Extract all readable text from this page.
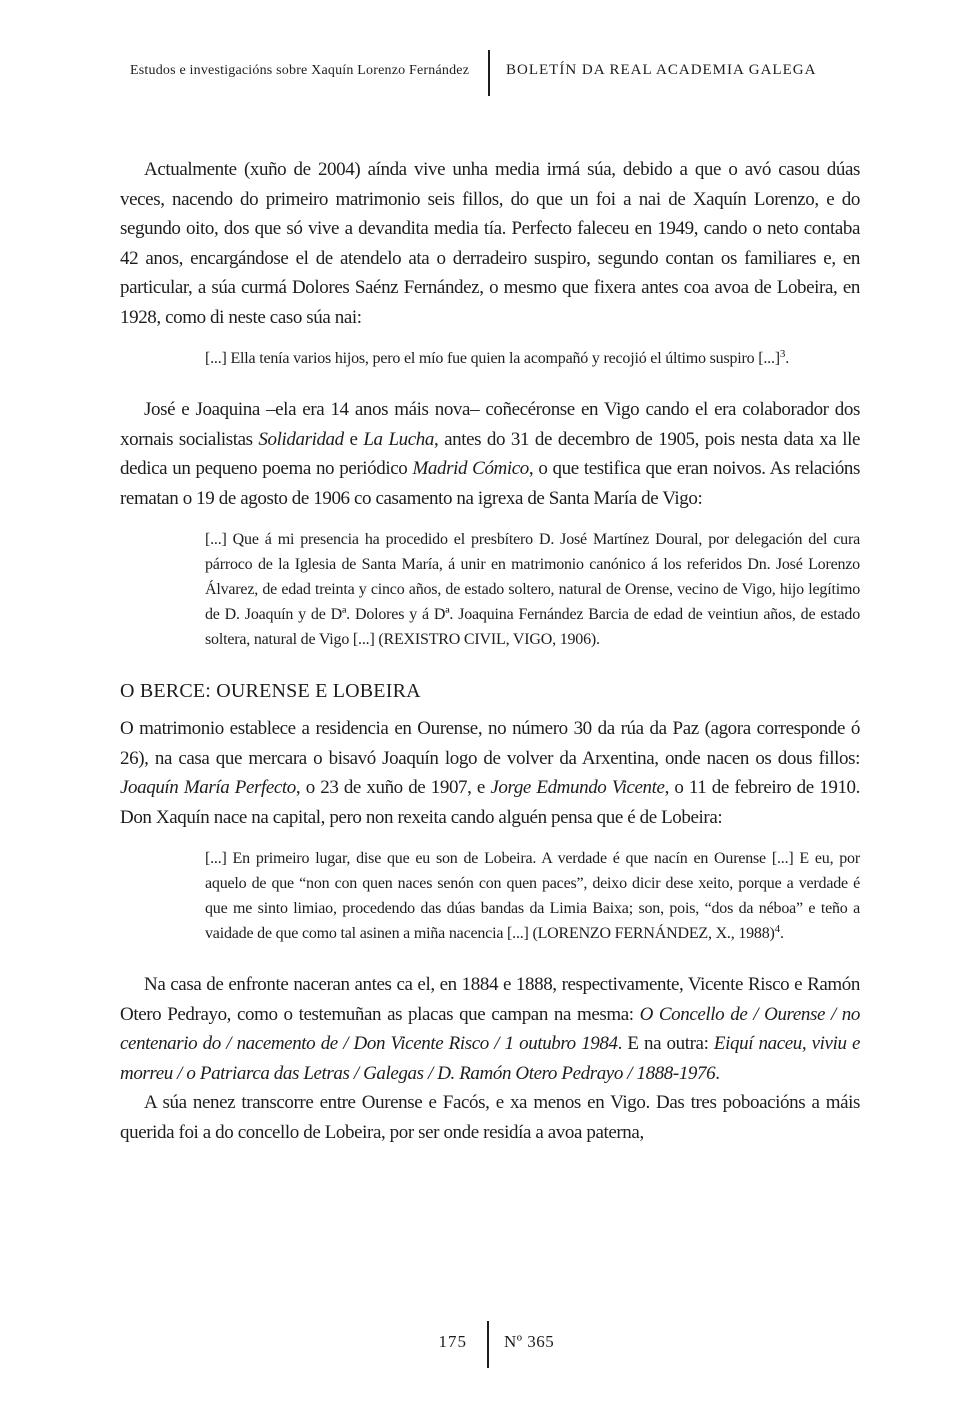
Estudos e investigacións sobre Xaquín Lorenzo Fernández BOLETÍN DA REAL ACADEMIA GALEGA

Actualmente (xuño de 2004) aínda vive unha media irmá súa, debido a que o avó casou dúas veces, nacendo do primeiro matrimonio seis fillos, do que un foi a nai de Xaquín Lorenzo, e do segundo oito, dos que só vive a devandita media tía. Perfecto faleceu en 1949, cando o neto contaba 42 anos, encargándose el de atendelo ata o derradeiro suspiro, segundo contan os familiares e, en particular, a súa curmá Dolores Saénz Fernández, o mesmo que fixera antes coa avoa de Lobeira, en 1928, como di neste caso súa nai:

[...] Ella tenía varios hijos, pero el mío fue quien la acompañó y recojió el último suspiro [...]$^3$.

José e Joaquina –ela era 14 anos máis nova– coñecéronse en Vigo cando el era colaborador dos xornais socialistas Solidaridad e La Lucha, antes do 31 de decembro de 1905, pois nesta data xa lle dedica un pequeno poema no periódico Madrid Cómico, o que testifica que eran noivos. As relacións rematan o 19 de agosto de 1906 co casamento na igrexa de Santa María de Vigo:

[...] Que á mi presencia ha procedido el presbítero D. José Martínez Doural, por delegación del cura párroco de la Iglesia de Santa María, á unir en matrimonio canónico á los referidos Dn. José Lorenzo Álvarez, de edad treinta y cinco años, de estado soltero, natural de Orense, vecino de Vigo, hijo legítimo de D. Joaquín y de Dª. Dolores y á Dª. Joaquina Fernández Barcia de edad de veintiun años, de estado soltera, natural de Vigo [...] (REXISTRO CIVIL, VIGO, 1906).

O BERCE: OURENSE E LOBEIRA

O matrimonio establece a residencia en Ourense, no número 30 da rúa da Paz (agora corresponde ó 26), na casa que mercara o bisavó Joaquín logo de volver da Arxentina, onde nacen os dous fillos: Joaquín María Perfecto, o 23 de xuño de 1907, e Jorge Edmundo Vicente, o 11 de febreiro de 1910. Don Xaquín nace na capital, pero non rexeita cando alguén pensa que é de Lobeira:

[...] En primeiro lugar, dise que eu son de Lobeira. A verdade é que nacín en Ourense [...] E eu, por aquelo de que “non con quen naces senón con quen paces”, deixo dicir dese xeito, porque a verdade é que me sinto limiao, procedendo das dúas bandas da Limia Baixa; son, pois, “dos da néboa” e teño a vaidade de que como tal asinen a miña nacencia [...] (LORENZO FERNÁNDEZ, X., 1988)$^4$.

Na casa de enfronte naceran antes ca el, en 1884 e 1888, respectivamente, Vicente Risco e Ramón Otero Pedrayo, como o testemuñan as placas que campan na mesma: O Concello de / Ourense / no centenario do / nacemento de / Don Vicente Risco / 1 outubro 1984. E na outra: Eiquí naceu, viviu e morreu / o Patriarca das Letras / Galegas / D. Ramón Otero Pedrayo / 1888-1976.

A súa nenez transcorre entre Ourense e Facós, e xa menos en Vigo. Das tres poboacións a máis querida foi a do concello de Lobeira, por ser onde residía a avoa paterna,

175 Nº 365
